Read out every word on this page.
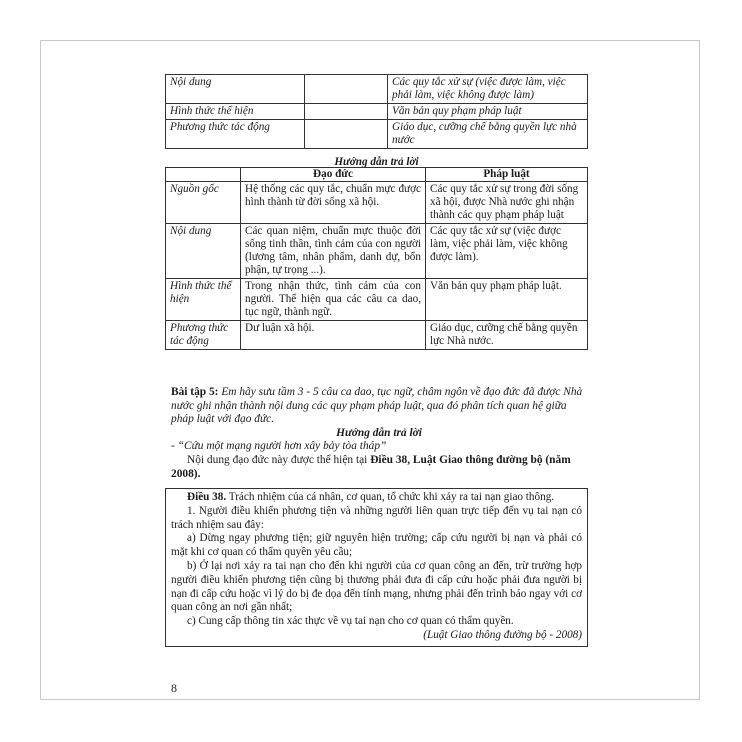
Nội dung		Các quy tắc xử sự (việc được làm, việc phải làm, việc không được làm)
Hình thức thể hiện		Văn bản quy phạm pháp luật
Phương thức tác động		Giáo dục, cưỡng chế bằng quyền lực nhà nước
Hướng dẫn trả lời
	Đạo đức	Pháp luật
Nguồn gốc	Hệ thống các quy tắc, chuẩn mực được hình thành từ đời sống xã hội.	Các quy tắc xử sự trong đời sống xã hội, được Nhà nước ghi nhận thành các quy phạm pháp luật
Nội dung	Các quan niệm, chuẩn mực thuộc đời sống tinh thần, tình cảm của con người (lương tâm, nhân phẩm, danh dự, bổn phận, tự trọng ...).	Các quy tắc xử sự (việc được làm, việc phải làm, việc không được làm).
Hình thức thể hiện	Trong nhận thức, tình cảm của con người. Thể hiện qua các câu ca dao, tục ngữ, thành ngữ.	Văn bản quy phạm pháp luật.
Phương thức tác động	Dư luận xã hội.	Giáo dục, cưỡng chế bằng quyền lực Nhà nước.

Bài tập 5: Em hãy sưu tầm 3 - 5 câu ca dao, tục ngữ, châm ngôn về đạo đức đã được Nhà nước ghi nhận thành nội dung các quy phạm pháp luật, qua đó phân tích quan hệ giữa pháp luật với đạo đức.

Hướng dẫn trả lời

- “Cứu một mạng người hơn xây bảy tòa tháp”

Nội dung đạo đức này được thể hiện tại Điều 38, Luật Giao thông đường bộ (năm 2008).

Điều 38. Trách nhiệm của cá nhân, cơ quan, tổ chức khi xảy ra tai nạn giao thông.

1. Người điều khiển phương tiện và những người liên quan trực tiếp đến vụ tai nạn có trách nhiệm sau đây:

a) Dừng ngay phương tiện; giữ nguyên hiện trường; cấp cứu người bị nạn và phải có mặt khi cơ quan có thẩm quyền yêu cầu;

b) Ở lại nơi xảy ra tai nạn cho đến khi người của cơ quan công an đến, trừ trường hợp người điều khiển phương tiện cũng bị thương phải đưa đi cấp cứu hoặc phải đưa người bị nạn đi cấp cứu hoặc vì lý do bị đe dọa đến tính mạng, nhưng phải đến trình báo ngay với cơ quan công an nơi gần nhất;

c) Cung cấp thông tin xác thực về vụ tai nạn cho cơ quan có thẩm quyền.

(Luật Giao thông đường bộ - 2008)

8
